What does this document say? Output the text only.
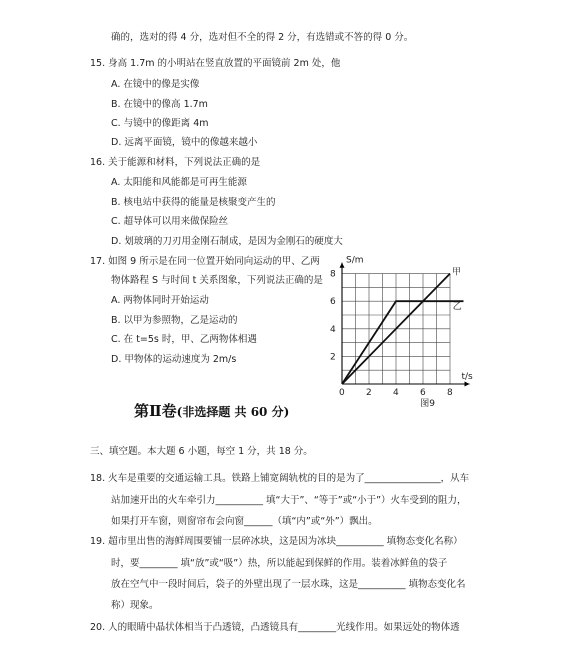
确的，选对的得 4 分，选对但不全的得 2 分，有选错或不答的得 0 分。
15. 身高 1.7m 的小明站在竖直放置的平面镜前 2m 处，他
A. 在镜中的像是实像
B. 在镜中的像高 1.7m
C. 与镜中的像距离 4m
D. 远离平面镜，镜中的像越来越小
16. 关于能源和材料，下列说法正确的是
A. 太阳能和风能都是可再生能源
B. 核电站中获得的能量是核聚变产生的
C. 超导体可以用来做保险丝
D. 划玻璃的刀刃用金刚石制成，是因为金刚石的硬度大
17. 如图 9 所示是在同一位置开始同向运动的甲、乙两
物体路程 S 与时间 t 关系图象，下列说法正确的是
A. 两物体同时开始运动
B. 以甲为参照物，乙是运动的
C. 在 t=5s 时，甲、乙两物体相遇
D. 甲物体的运动速度为 2m/s
0 2 4 6 8
2
4
6
8
S/m
t/s
甲
乙
图9
第Ⅱ卷(非选择题 共 60 分)
三、填空题。本大题 6 小题，每空 1 分，共 18 分。
18. 火车是重要的交通运输工具。铁路上铺宽阔轨枕的目的是为了________________，从车
站加速开出的火车牵引力__________ 填“大于”、“等于”或“小于”）火车受到的阻力，
如果打开车窗，则窗帘布会向窗______（填“内”或“外”）飘出。
19. 超市里出售的海鲜周围要铺一层碎冰块，这是因为冰块__________ 填物态变化名称）
时，要________ 填“放”或“吸”）热，所以能起到保鲜的作用。装着冰鲜鱼的袋子
放在空气中一段时间后，袋子的外壁出现了一层水珠，这是__________ 填物态变化名
称）现象。
20. 人的眼睛中晶状体相当于凸透镜，凸透镜具有________光线作用。如果远处的物体透
